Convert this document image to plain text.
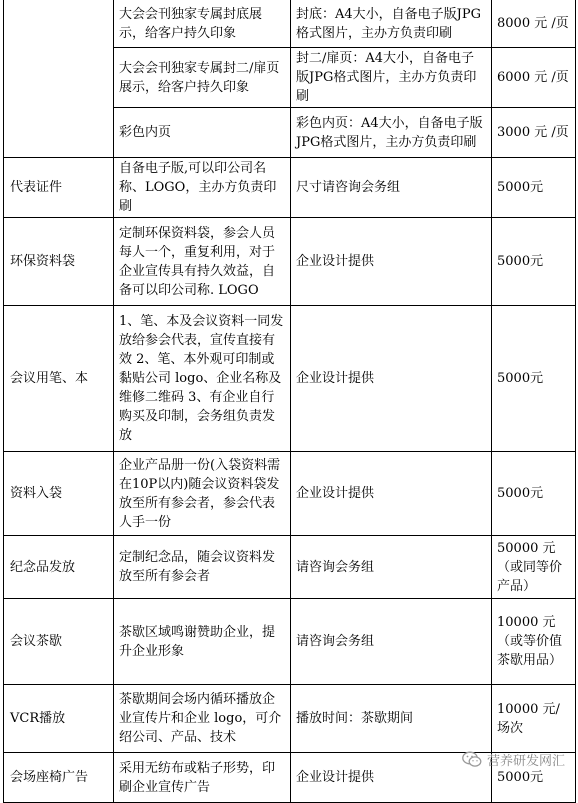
	大会会刊独家专属封底展示，给客户持久印象	封底：A4大小，自备电子版JPG格式图片，主办方负责印刷	8000 元 /页
	大会会刊独家专属封二/扉页展示，给客户持久印象	封二/扉页：A4大小，自备电子版JPG格式图片，主办方负责印刷	6000 元 /页
	彩色内页	彩色内页：A4大小，自备电子版JPG格式图片，主办方负责印刷	3000 元 /页
代表证件	自备电子版,可以印公司名称、LOGO，主办方负责印刷	尺寸请咨询会务组	5000元
环保资料袋	定制环保资料袋，参会人员每人一个，重复利用，对于企业宣传具有持久效益，自备可以印公司称. LOGO	企业设计提供	5000元
会议用笔、本	1、笔、本及会议资料一同发放给参会代表，宣传直接有效 2、笔、本外观可印制或黏贴公司 logo、企业名称及维修二维码 3、有企业自行购买及印制，会务组负责发放	企业设计提供	5000元
资料入袋	企业产品册一份(入袋资料需在10P以内)随会议资料袋发放至所有参会者，参会代表人手一份	企业设计提供	5000元
纪念品发放	定制纪念品，随会议资料发放至所有参会者	请咨询会务组	50000 元 （或同等价产品）
会议茶歇	茶歇区域鸣谢赞助企业，提升企业形象	请咨询会务组	10000 元 （或等价值茶歇用品）
VCR播放	茶歇期间会场内循环播放企业宣传片和企业 logo，可介绍公司、产品、技术	播放时间：茶歇期间	10000 元/场次
会场座椅广告	采用无纺布或粘子形势，印刷企业宣传广告	企业设计提供	5000元
营养研发网汇
